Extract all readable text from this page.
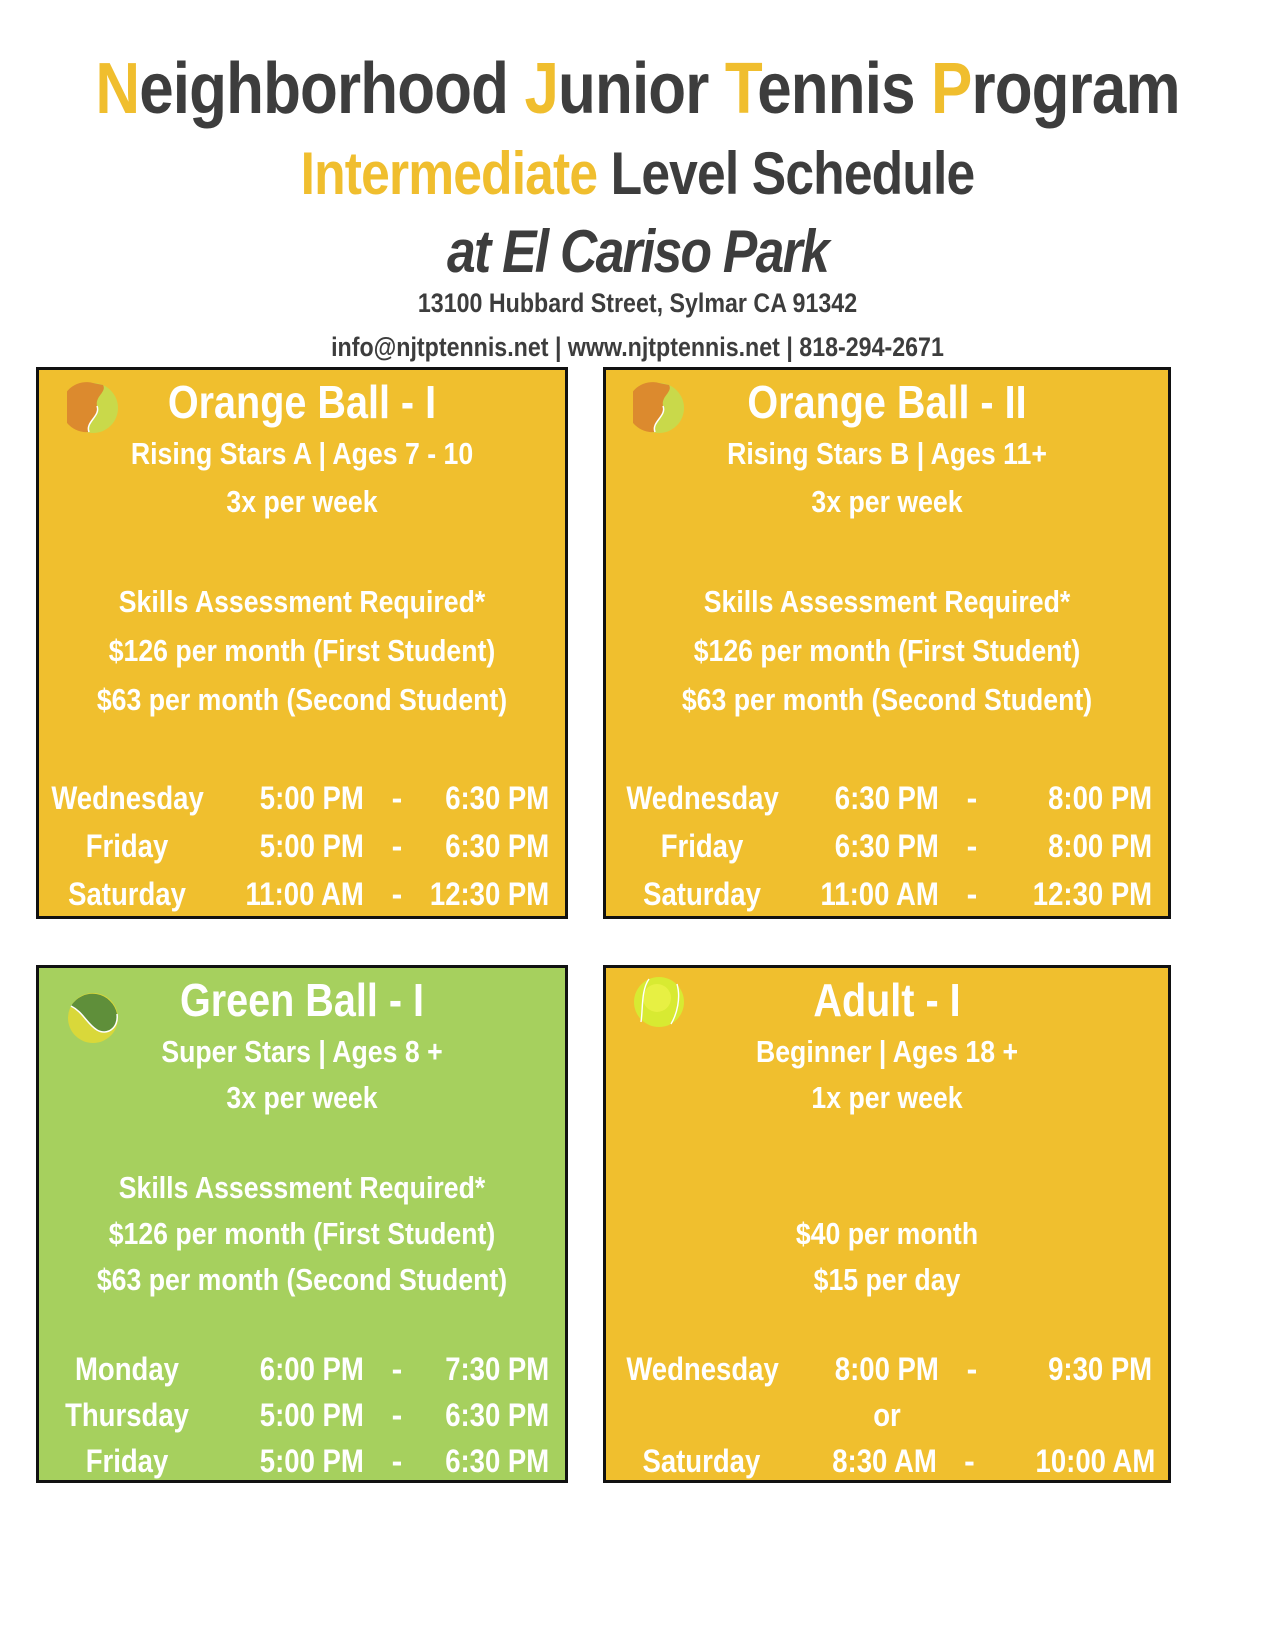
Neighborhood Junior Tennis Program
Intermediate Level Schedule
at El Cariso Park
13100 Hubbard Street, Sylmar CA 91342
info@njtptennis.net | www.njtptennis.net | 818-294-2671
Orange Ball - I
Rising Stars A | Ages 7 - 10
3x per week
Skills Assessment Required*
$126 per month (First Student)
$63 per month (Second Student)
Wednesday	5:00 PM -	6:30 PM
Friday	5:00 PM -	6:30 PM
Saturday	11:00 AM - 12:30 PM
Orange Ball - II
Rising Stars B | Ages 11+
3x per week
Skills Assessment Required*
$126 per month (First Student)
$63 per month (Second Student)
Wednesday	6:30 PM -	8:00 PM
Friday	6:30 PM -	8:00 PM
Saturday	11:00 AM -	12:30 PM
Green Ball - I
Super Stars | Ages 8 +
3x per week
Skills Assessment Required*
$126 per month (First Student)
$63 per month (Second Student)
Monday	6:00 PM -	7:30 PM
Thursday	5:00 PM -	6:30 PM
Friday	5:00 PM -	6:30 PM
Adult - I
Beginner | Ages 18 +
1x per week
$40 per month
$15 per day
Wednesday	8:00 PM -	9:30 PM
or
Saturday	8:30 AM -	10:00 AM
